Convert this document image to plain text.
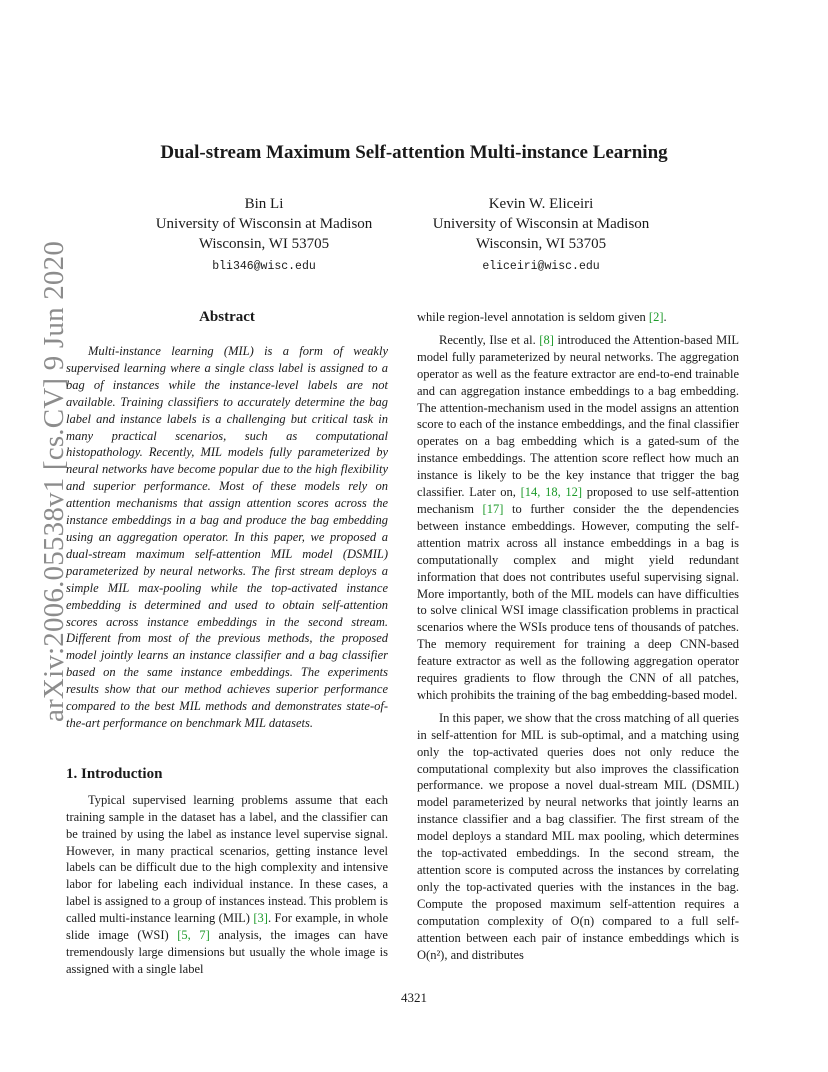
Dual-stream Maximum Self-attention Multi-instance Learning
Bin Li
University of Wisconsin at Madison
Wisconsin, WI 53705
bli346@wisc.edu
Kevin W. Eliceiri
University of Wisconsin at Madison
Wisconsin, WI 53705
eliceiri@wisc.edu
arXiv:2006.05538v1 [cs.CV] 9 Jun 2020	Abstract

Multi-instance learning (MIL) is a form of weakly supervised learning where a single class label is assigned to a bag of instances while the instance-level labels are not available. Training classifiers to accurately determine the bag label and instance labels is a challenging but critical task in many practical scenarios, such as computational histopathology. Recently, MIL models fully parameterized by neural networks have become popular due to the high flexibility and superior performance. Most of these models rely on attention mechanisms that assign attention scores across the instance embeddings in a bag and produce the bag embedding using an aggregation operator. In this paper, we proposed a dual-stream maximum self-attention MIL model (DSMIL) parameterized by neural networks. The first stream deploys a simple MIL max-pooling while the top-activated instance embedding is determined and used to obtain self-attention scores across instance embeddings in the second stream. Different from most of the previous methods, the proposed model jointly learns an instance classifier and a bag classifier based on the same instance embeddings. The experiments results show that our method achieves superior performance compared to the best MIL methods and demonstrates state-of-the-art performance on benchmark MIL datasets.

1. Introduction

Typical supervised learning problems assume that each training sample in the dataset has a label, and the classifier can be trained by using the label as instance level supervise signal. However, in many practical scenarios, getting instance level labels can be difficult due to the high complexity and intensive labor for labeling each individual instance. In these cases, a label is assigned to a group of instances instead. This problem is called multi-instance learning (MIL) [3]. For example, in whole slide image (WSI) [5, 7] analysis, the images can have tremendously large dimensions but usually the whole image is assigned with a single label

while region-level annotation is seldom given [2].

Recently, Ilse et al. [8] introduced the Attention-based MIL model fully parameterized by neural networks. The aggregation operator as well as the feature extractor are end-to-end trainable and can aggregation instance embeddings to a bag embedding. The attention-mechanism used in the model assigns an attention score to each of the instance embeddings, and the final classifier operates on a bag embedding which is a gated-sum of the instance embeddings. The attention score reflect how much an instance is likely to be the key instance that trigger the bag classifier. Later on, [14, 18, 12] proposed to use self-attention mechanism [17] to further consider the the dependencies between instance embeddings. However, computing the self-attention matrix across all instance embeddings in a bag is computationally complex and might yield redundant information that does not contributes useful supervising signal. More importantly, both of the MIL models can have difficulties to solve clinical WSI image classification problems in practical scenarios where the WSIs produce tens of thousands of patches. The memory requirement for training a deep CNN-based feature extractor as well as the following aggregation operator requires gradients to flow through the CNN of all patches, which prohibits the training of the bag embedding-based model.

In this paper, we show that the cross matching of all queries in self-attention for MIL is sub-optimal, and a matching using only the top-activated queries does not only reduce the computational complexity but also improves the classification performance. we propose a novel dual-stream MIL (DSMIL) model parameterized by neural networks that jointly learns an instance classifier and a bag classifier. The first stream of the model deploys a standard MIL max pooling, which determines the top-activated embeddings. In the second stream, the attention score is computed across the instances by correlating only the top-activated queries with the instances in the bag. Compute the proposed maximum self-attention requires a computation complexity of O(n) compared to a full self-attention between each pair of instance embeddings which is O(n²), and distributes

4321
